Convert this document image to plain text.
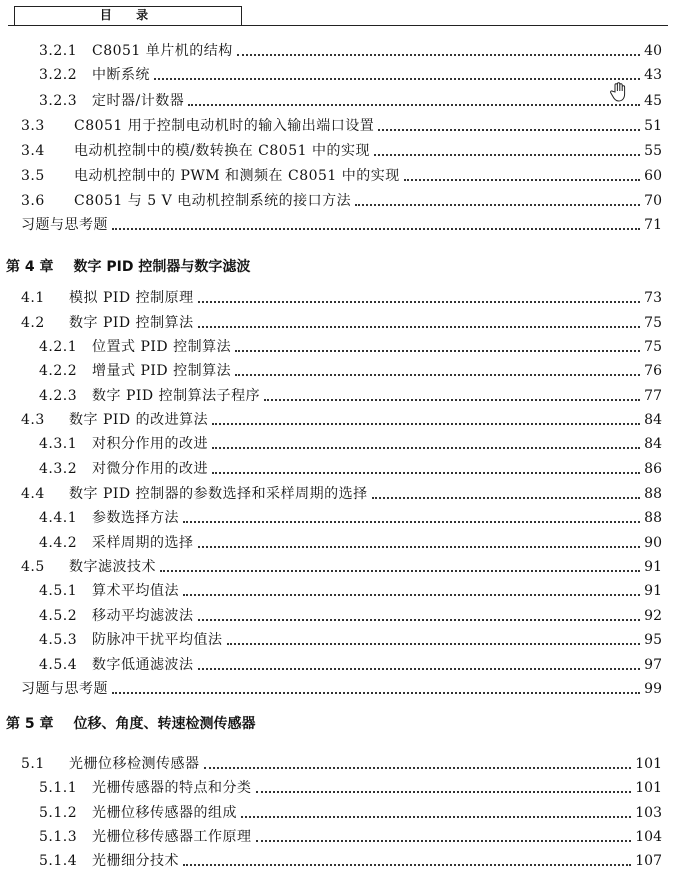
目 录
3.2.1	C8051 单片机的结构	40
3.2.2	中断系统	43
3.2.3	定时器/计数器	45
3.3	C8051 用于控制电动机时的输入输出端口设置	51
3.4	电动机控制中的模/数转换在 C8051 中的实现	55
3.5	电动机控制中的 PWM 和测频在 C8051 中的实现	60
3.6	C8051 与 5 V 电动机控制系统的接口方法	70
习题与思考题	71
4.1	模拟 PID 控制原理	73
4.2	数字 PID 控制算法	75
4.2.1	位置式 PID 控制算法	75
4.2.2	增量式 PID 控制算法	76
4.2.3	数字 PID 控制算法子程序	77
4.3	数字 PID 的改进算法	84
4.3.1	对积分作用的改进	84
4.3.2	对微分作用的改进	86
4.4	数字 PID 控制器的参数选择和采样周期的选择	88
4.4.1	参数选择方法	88
4.4.2	采样周期的选择	90
4.5	数字滤波技术	91
4.5.1	算术平均值法	91
4.5.2	移动平均滤波法	92
4.5.3	防脉冲干扰平均值法	95
4.5.4	数字低通滤波法	97
习题与思考题	99
5.1	光栅位移检测传感器	101
5.1.1	光栅传感器的特点和分类	101
5.1.2	光栅位移传感器的组成	103
5.1.3	光栅位移传感器工作原理	104
5.1.4	光栅细分技术	107
第 4 章 数字 PID 控制器与数字滤波
第 5 章 位移、角度、转速检测传感器
